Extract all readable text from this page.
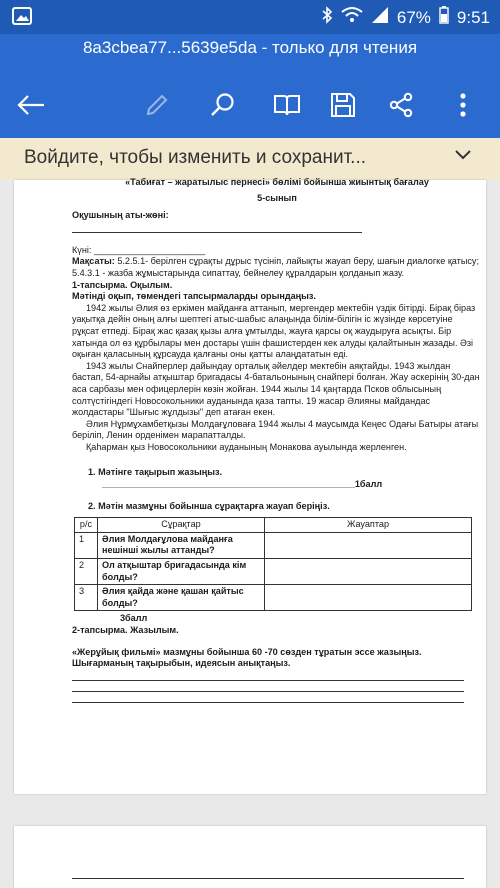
67% 9:51
8a3cbea77...5639e5da - только для чтения
Войдите, чтобы изменить и сохранит...
«Табиғат – жаратылыс пернесі» бөлімі бойынша жиынтық бағалау
5-сынып
Оқушының аты-жөні:
Күні: ______________________
Мақсаты: 5.2.5.1- берілген сұрақты дұрыс түсініп, лайықты жауап беру, шағын диалогке қатысу;
5.4.3.1 - жазба жұмыстарында сипаттау, бейнелеу құралдарын қолданып жазу.
1-тапсырма. Оқылым.
Мәтінді оқып, төмендегі тапсырмаларды орындаңыз.
1942 жылы Әлия өз еркімен майданға аттанып, мергендер мектебін үздік бітірді. Бірақ біраз уақытқа дейін оның алғы шептегі атыс-шабыс алаңында білім-білігін іс жүзінде көрсетуіне рұқсат етпеді. Бірақ жас қазақ қызы алға ұмтылды, жауға қарсы оқ жаудыруға асықты. Бір хатында ол өз құрбылары мен достары үшін фашистерден кек алуды қалайтынын жазады. Әзі оқыған қаласының құрсауда қалғаны оны қатты алаңдататын еді.
1943 жылы Снайперлер дайындау орталық әйелдер мектебін аяқтайды. 1943 жылдан бастап, 54-арнайы атқыштар бригадасы 4-батальонының снайпері болған. Жау әскерінің 30-дан аса сарбазы мен офицерлерін көзін жойған. 1944 жылы 14 қаңтарда Псков облысының солтүстігіндегі Новосокольники ауданында қаза тапты. 19 жасар Әлияны майдандас жолдастары "Шығыс жұлдызы" деп атаған екен.
Әлия Нұрмұхамбетқызы Молдағұловаға 1944 жылы 4 маусымда Кеңес Одағы Батыры атағы беріліп, Ленин орденімен марапатталды.
Қаһарман қыз Новосокольники ауданының Монакова ауылында жерленген.
1. Мәтінге тақырып жазыңыз.
__________________________________________________1балл
2. Мәтін мазмұны бойынша сұрақтарға жауап беріңіз.
р/с	Сұрақтар	Жауаптар
1	Әлия Молдағұлова майданға нешінші жылы аттанды?	
2	Ол атқыштар бригадасында кім болды?	
3	Әлия қайда және қашан қайтыс болды?	
3балл
2-тапсырма. Жазылым.
«Жерұйық фильмі» мазмұны бойынша 60 -70 сөзден тұратын эссе жазыңыз. Шығарманың тақырыбын, идеясын анықтаңыз.
